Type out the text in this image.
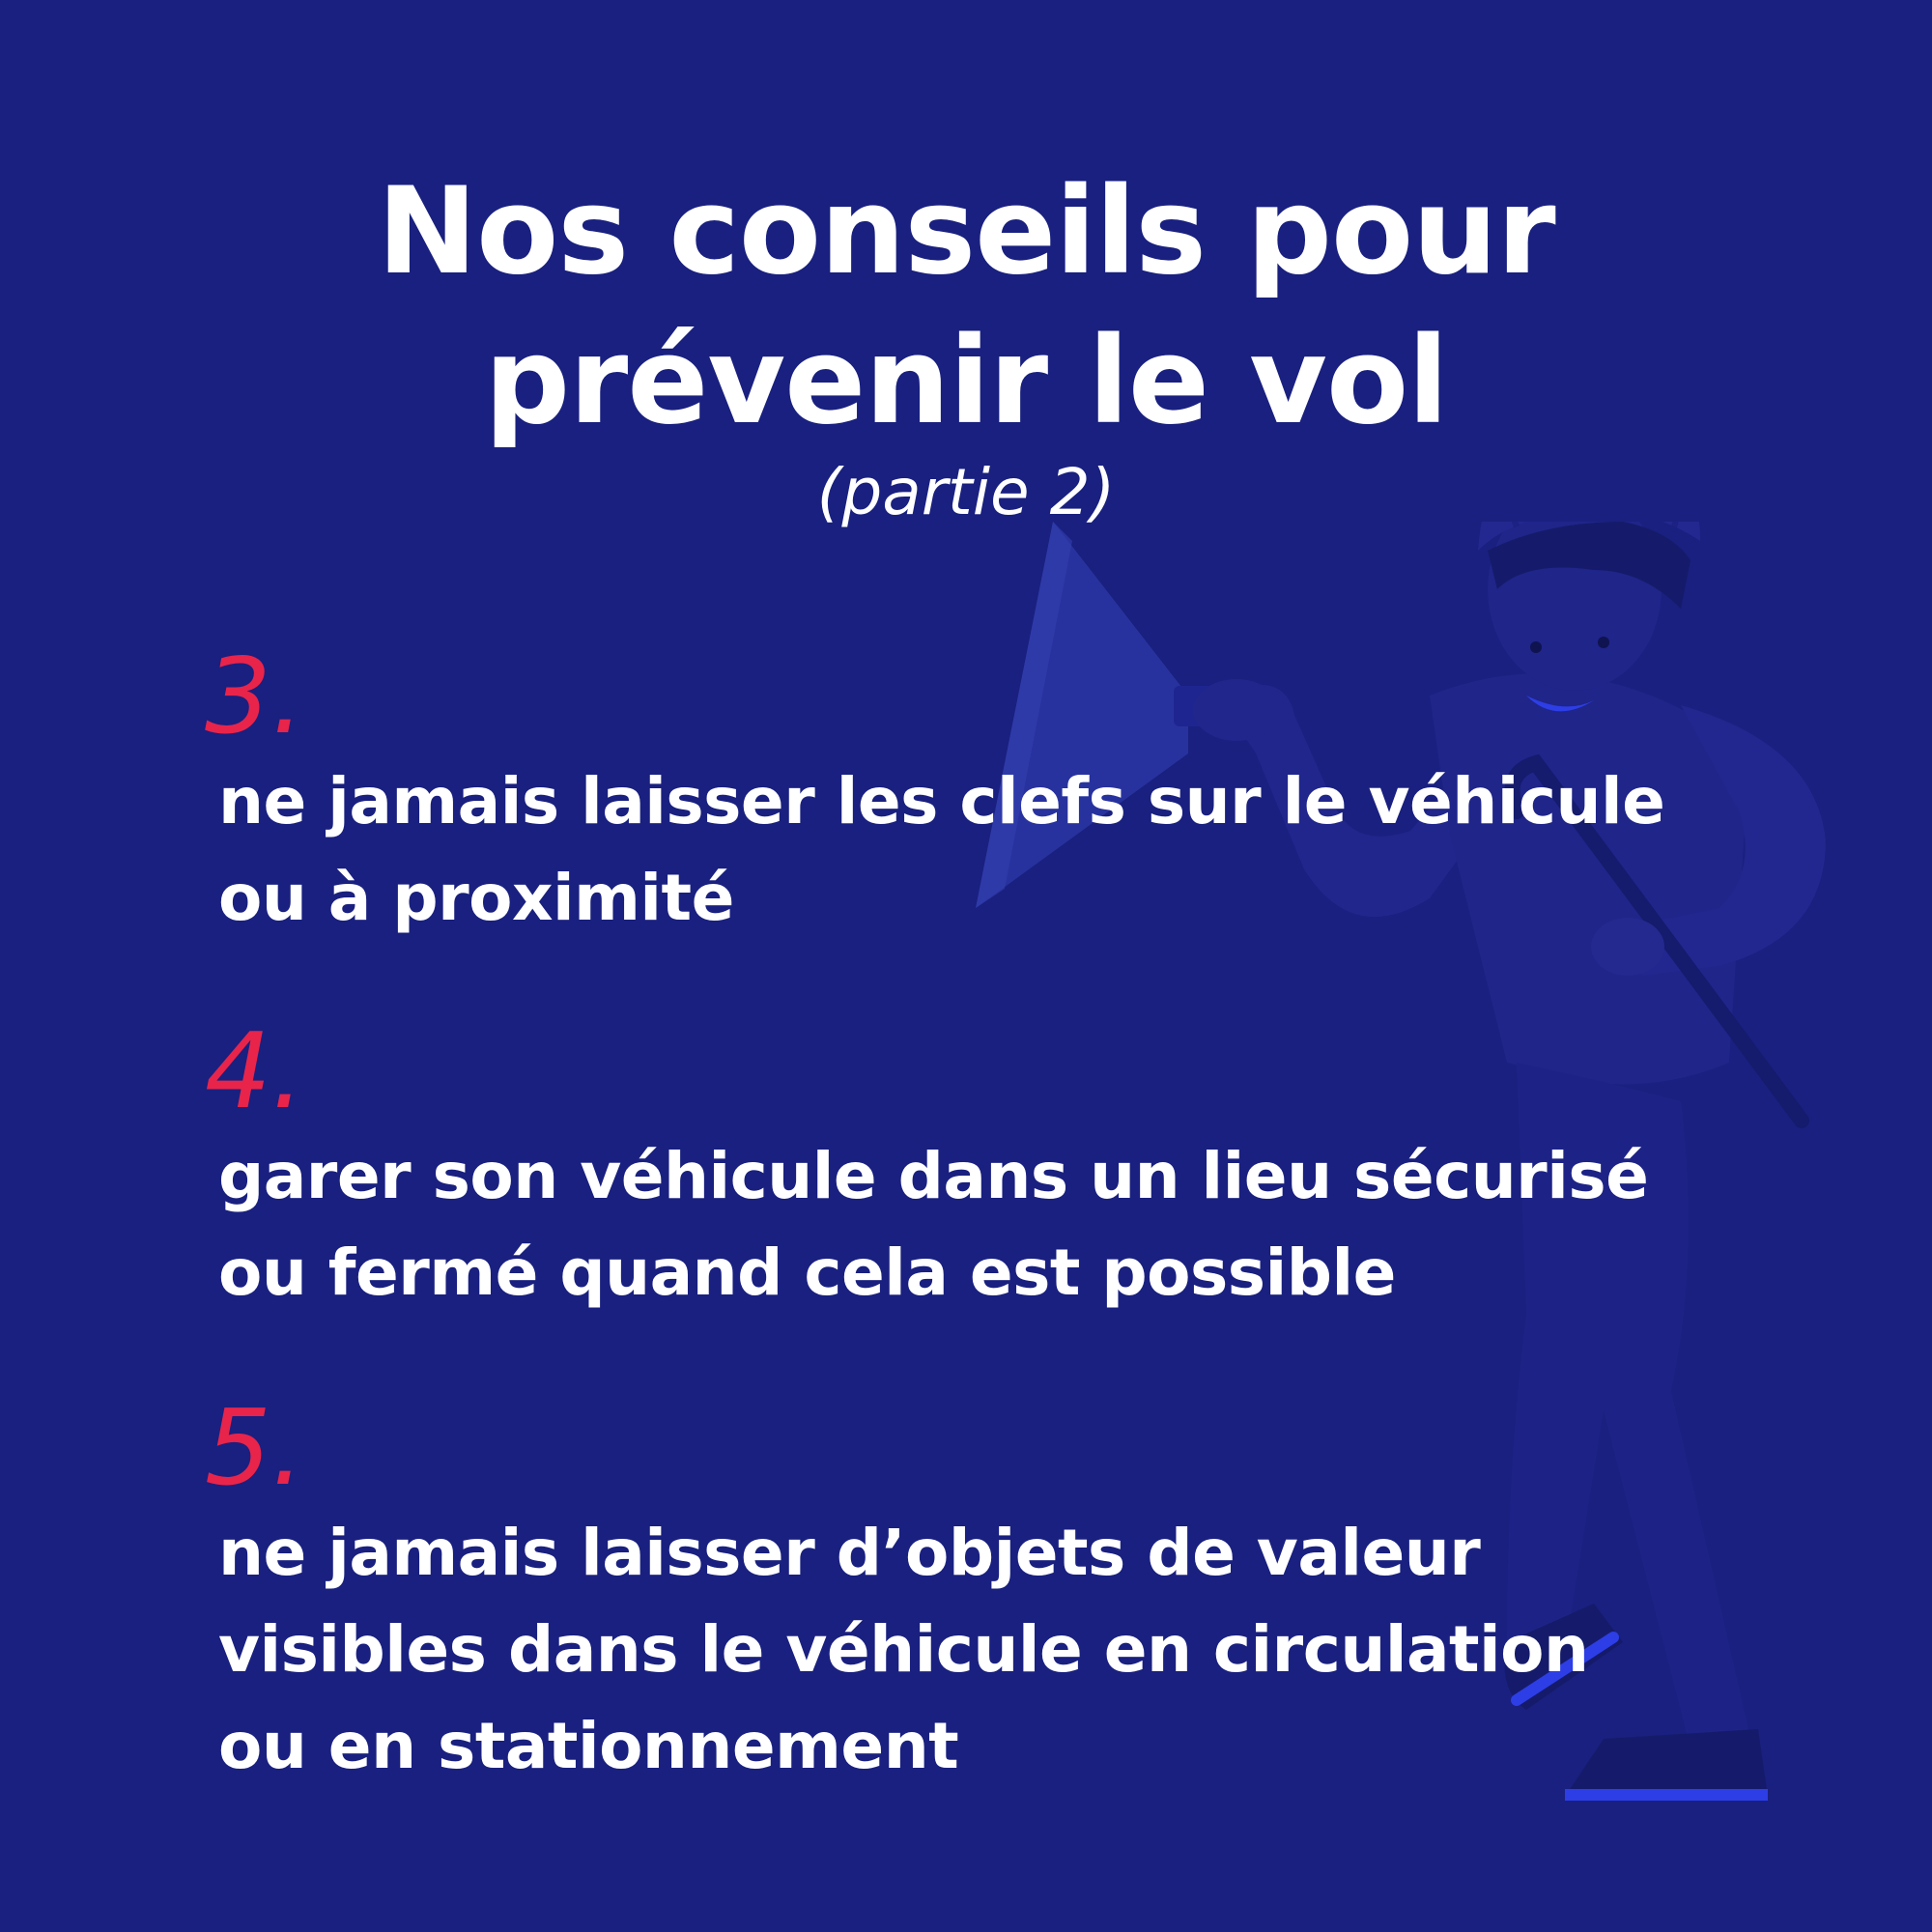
Nos conseils pour
prévenir le vol
(partie 2)
3.
ne jamais laisser les clefs sur le véhicule
ou à proximité
4.
garer son véhicule dans un lieu sécurisé
ou fermé quand cela est possible
5.
ne jamais laisser d’objets de valeur
visibles dans le véhicule en circulation
ou en stationnement
